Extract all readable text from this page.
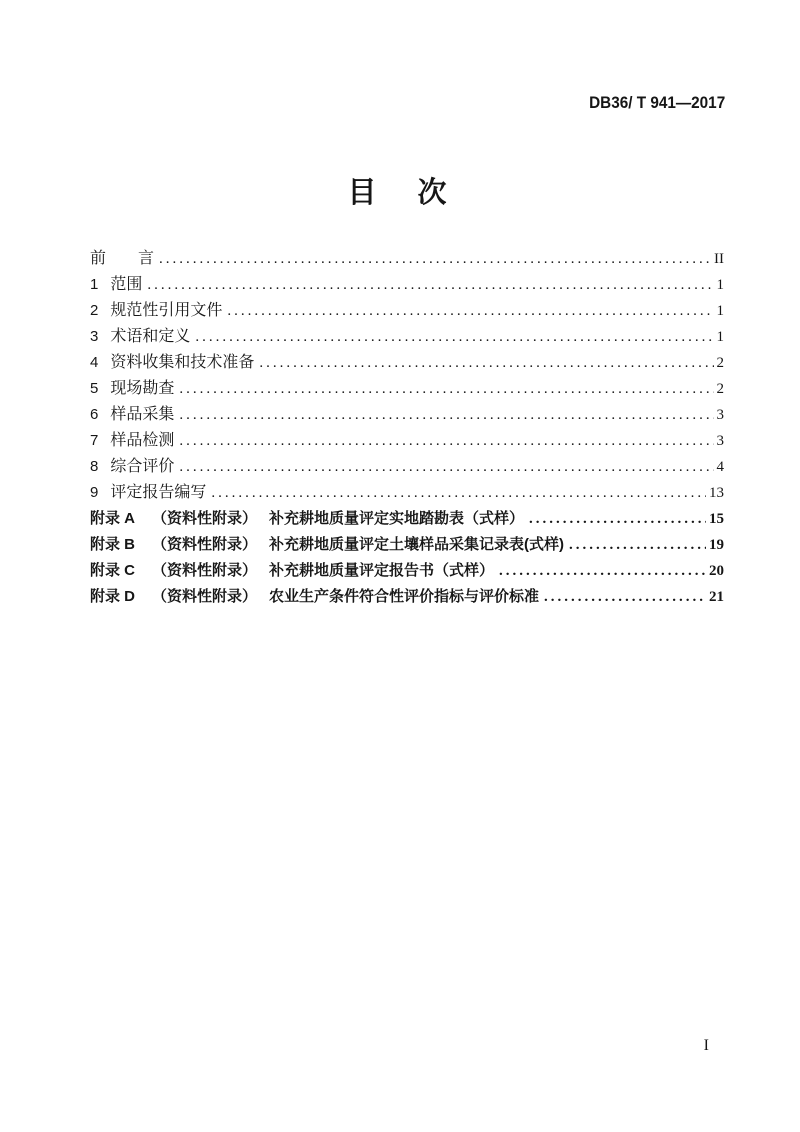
DB36/ T 941—2017
目　次
前　　言 .....	II
1 范围 .....	1
2 规范性引用文件 .....	1
3 术语和定义 .....	1
4 资料收集和技术准备 .....	2
5 现场勘查 .....	2
6 样品采集 .....	3
7 样品检测 .....	3
8 综合评价 .....	4
9 评定报告编写 .....	13
附录 A （资料性附录） 补充耕地质量评定实地踏勘表（式样） .....	15
附录 B （资料性附录） 补充耕地质量评定土壤样品采集记录表(式样) .....	19
附录 C （资料性附录） 补充耕地质量评定报告书（式样） .....	20
附录 D （资料性附录） 农业生产条件符合性评价指标与评价标准 .....	21
I
